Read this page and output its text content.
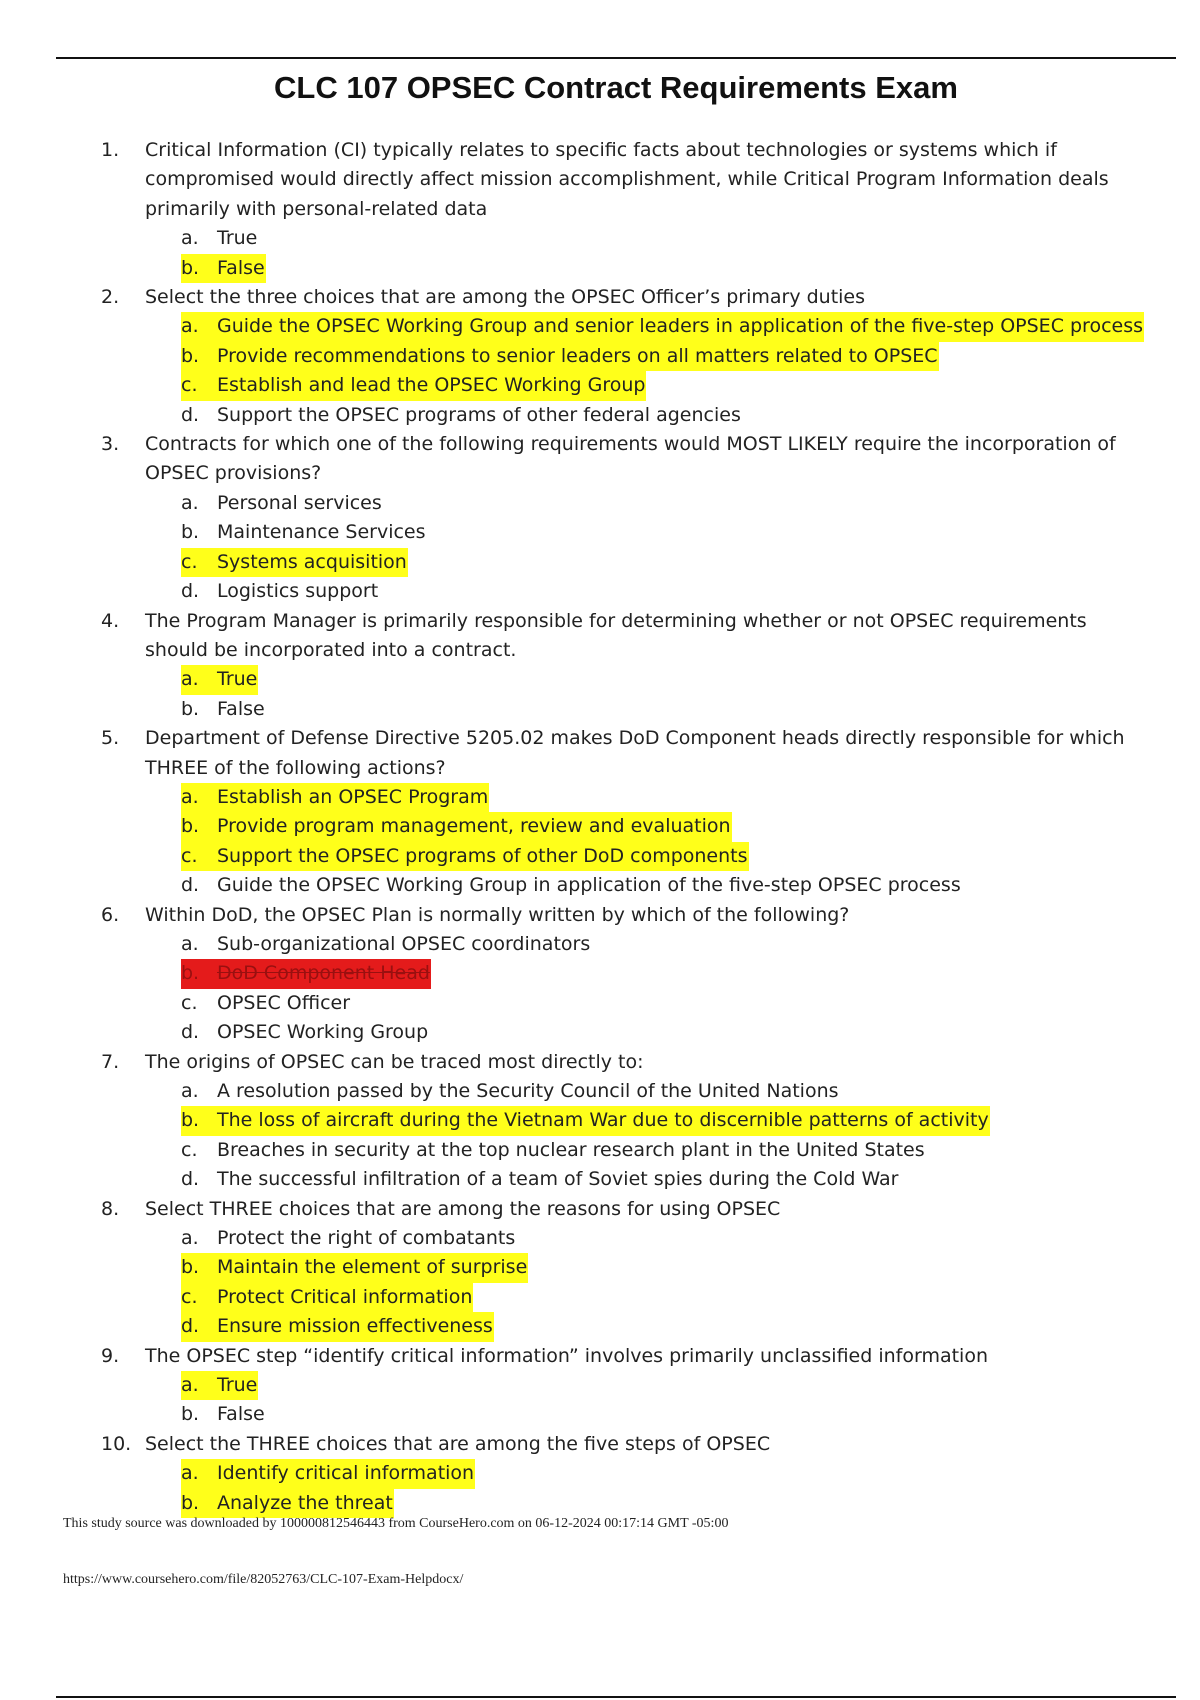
CLC 107 OPSEC Contract Requirements Exam
1.	Critical Information (CI) typically relates to specific facts about technologies or systems which if compromised would directly affect mission accomplishment, while Critical Program Information deals primarily with personal-related data
a. True
b. False
2.	Select the three choices that are among the OPSEC Officer’s primary duties
a. Guide the OPSEC Working Group and senior leaders in application of the five-step OPSEC process
b. Provide recommendations to senior leaders on all matters related to OPSEC
c. Establish and lead the OPSEC Working Group
d. Support the OPSEC programs of other federal agencies
3.	Contracts for which one of the following requirements would MOST LIKELY require the incorporation of OPSEC provisions?
a. Personal services
b. Maintenance Services
c. Systems acquisition
d. Logistics support
4.	The Program Manager is primarily responsible for determining whether or not OPSEC requirements should be incorporated into a contract.
a. True
b. False
5.	Department of Defense Directive 5205.02 makes DoD Component heads directly responsible for which THREE of the following actions?
a. Establish an OPSEC Program
b. Provide program management, review and evaluation
c. Support the OPSEC programs of other DoD components
d. Guide the OPSEC Working Group in application of the five-step OPSEC process
6.	Within DoD, the OPSEC Plan is normally written by which of the following?
a. Sub-organizational OPSEC coordinators
b. DoD Component Head
c. OPSEC Officer
d. OPSEC Working Group
7.	The origins of OPSEC can be traced most directly to:
a. A resolution passed by the Security Council of the United Nations
b. The loss of aircraft during the Vietnam War due to discernible patterns of activity
c. Breaches in security at the top nuclear research plant in the United States
d. The successful infiltration of a team of Soviet spies during the Cold War
8.	Select THREE choices that are among the reasons for using OPSEC
a. Protect the right of combatants
b. Maintain the element of surprise
c. Protect Critical information
d. Ensure mission effectiveness
9.	The OPSEC step “identify critical information” involves primarily unclassified information
a. True
b. False
10. Select the THREE choices that are among the five steps of OPSEC
a. Identify critical information
b. Analyze the threat
This study source was downloaded by 100000812546443 from CourseHero.com on 06-12-2024 00:17:14 GMT -05:00
https://www.coursehero.com/file/82052763/CLC-107-Exam-Helpdocx/
